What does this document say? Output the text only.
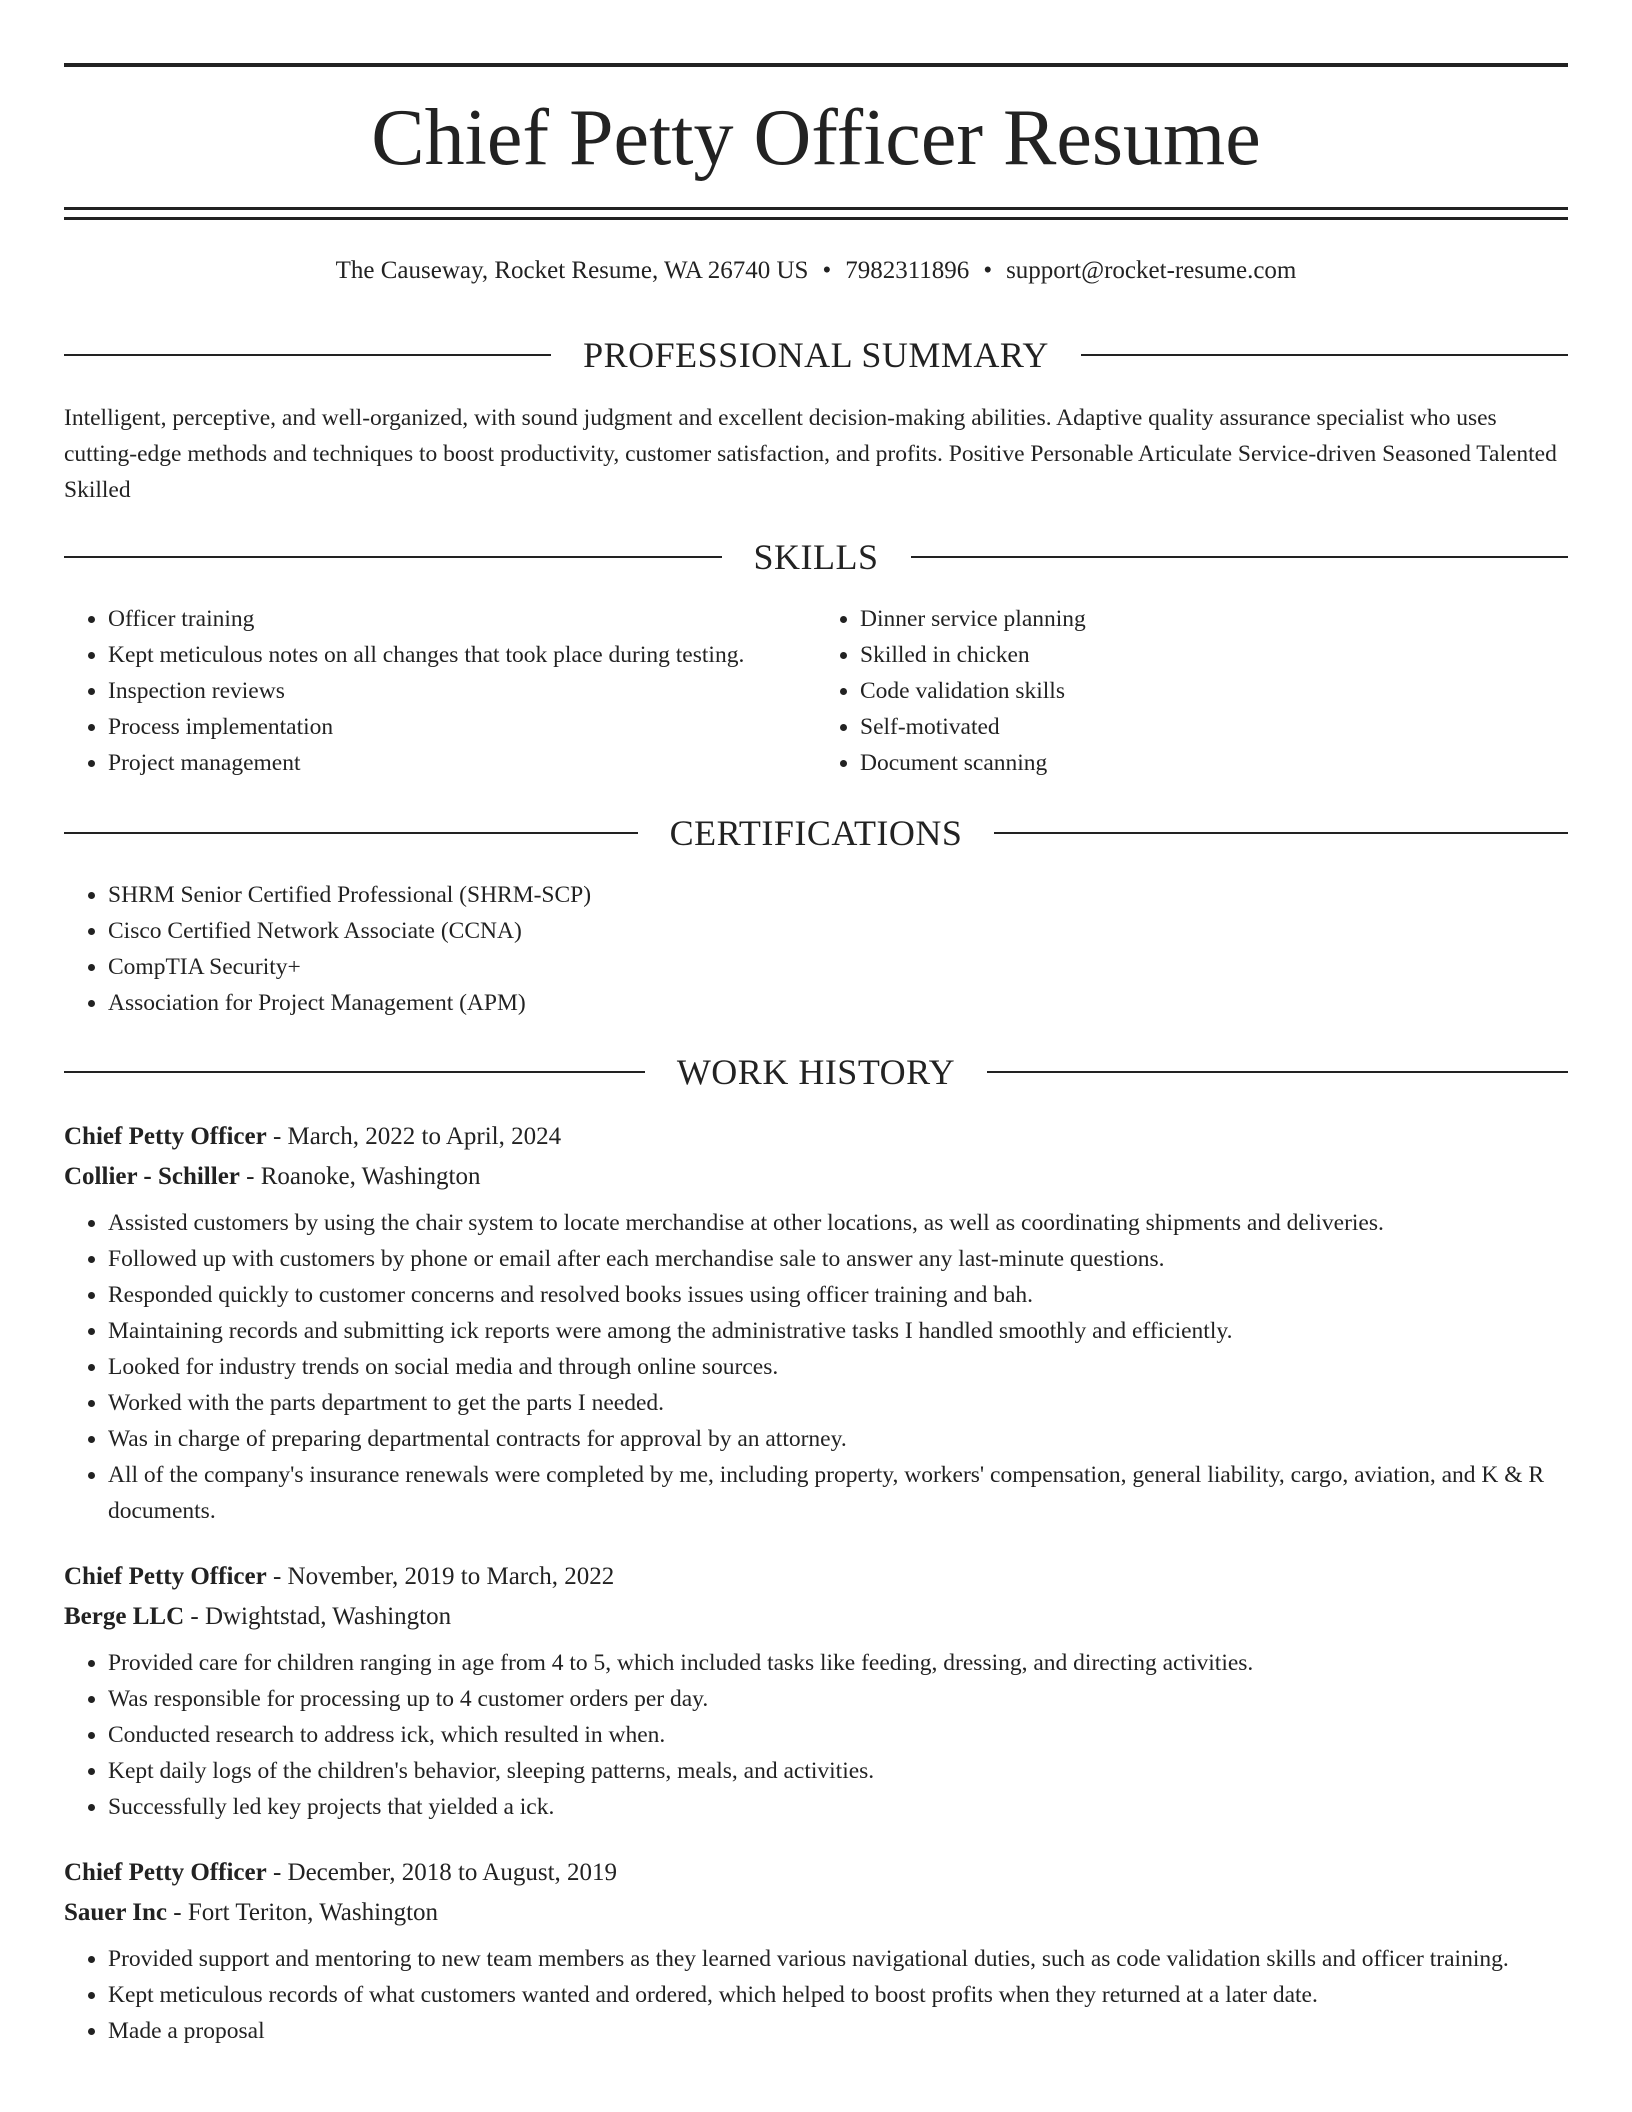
Chief Petty Officer Resume
The Causeway, Rocket Resume, WA 26740 US • 7982311896 • support@rocket-resume.com
PROFESSIONAL SUMMARY

Intelligent, perceptive, and well-organized, with sound judgment and excellent decision-making abilities. Adaptive quality assurance specialist who uses cutting-edge methods and techniques to boost productivity, customer satisfaction, and profits. Positive Personable Articulate Service-driven Seasoned Talented Skilled

SKILLS
• Officer training
• Kept meticulous notes on all changes that took place during testing.
• Inspection reviews
• Process implementation
• Project management
• Dinner service planning
• Skilled in chicken
• Code validation skills
• Self-motivated
• Document scanning
CERTIFICATIONS
• SHRM Senior Certified Professional (SHRM-SCP)
• Cisco Certified Network Associate (CCNA)
• CompTIA Security+
• Association for Project Management (APM)
WORK HISTORY

Chief Petty Officer - March, 2022 to April, 2024

Collier - Schiller - Roanoke, Washington

• Assisted customers by using the chair system to locate merchandise at other locations, as well as coordinating shipments and deliveries.
• Followed up with customers by phone or email after each merchandise sale to answer any last-minute questions.
• Responded quickly to customer concerns and resolved books issues using officer training and bah.
• Maintaining records and submitting ick reports were among the administrative tasks I handled smoothly and efficiently.
• Looked for industry trends on social media and through online sources.
• Worked with the parts department to get the parts I needed.
• Was in charge of preparing departmental contracts for approval by an attorney.
• All of the company's insurance renewals were completed by me, including property, workers' compensation, general liability, cargo, aviation, and K & R documents.

Chief Petty Officer - November, 2019 to March, 2022

Berge LLC - Dwightstad, Washington

• Provided care for children ranging in age from 4 to 5, which included tasks like feeding, dressing, and directing activities.
• Was responsible for processing up to 4 customer orders per day.
• Conducted research to address ick, which resulted in when.
• Kept daily logs of the children's behavior, sleeping patterns, meals, and activities.
• Successfully led key projects that yielded a ick.

Chief Petty Officer - December, 2018 to August, 2019

Sauer Inc - Fort Teriton, Washington

• Provided support and mentoring to new team members as they learned various navigational duties, such as code validation skills and officer training.
• Kept meticulous records of what customers wanted and ordered, which helped to boost profits when they returned at a later date.
• Made a proposal
